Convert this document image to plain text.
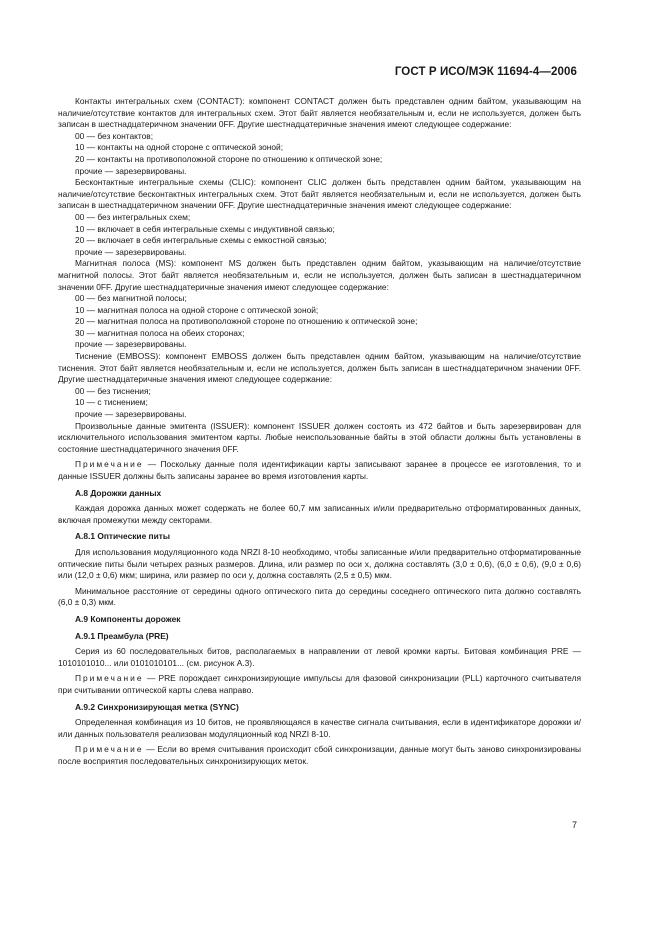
ГОСТ Р ИСО/МЭК 11694-4—2006

Контакты интегральных схем (CONTACT): компонент CONTACT должен быть представлен одним байтом, указывающим на наличие/отсутствие контактов для интегральных схем. Этот байт является необязательным и, если не используется, должен быть записан в шестнадцатеричном значении 0FF. Другие шестнадцатеричные значения имеют следующее содержание:

00 — без контактов;

10 — контакты на одной стороне с оптической зоной;

20 — контакты на противоположной стороне по отношению к оптической зоне;

прочие — зарезервированы.

Бесконтактные интегральные схемы (CLIC): компонент CLIC должен быть представлен одним байтом, указывающим на наличие/отсутствие бесконтактных интегральных схем. Этот байт является необязательным и, если не используется, должен быть записан в шестнадцатеричном значении 0FF. Другие шестнадцатеричные значения имеют следующее содержание:

00 — без интегральных схем;

10 — включает в себя интегральные схемы с индуктивной связью;

20 — включает в себя интегральные схемы с емкостной связью;

прочие — зарезервированы.

Магнитная полоса (MS): компонент MS должен быть представлен одним байтом, указывающим на наличие/отсутствие магнитной полосы. Этот байт является необязательным и, если не используется, должен быть записан в шестнадцатеричном значении 0FF. Другие шестнадцатеричные значения имеют следующее содержание:

00 — без магнитной полосы;

10 — магнитная полоса на одной стороне с оптической зоной;

20 — магнитная полоса на противоположной стороне по отношению к оптической зоне;

30 — магнитная полоса на обеих сторонах;

прочие — зарезервированы.

Тиснение (EMBOSS): компонент EMBOSS должен быть представлен одним байтом, указывающим на наличие/отсутствие тиснения. Этот байт является необязательным и, если не используется, должен быть записан в шестнадцатеричном значении 0FF. Другие шестнадцатеричные значения имеют следующее содержание:

00 — без тиснения;

10 — с тиснением;

прочие — зарезервированы.

Произвольные данные эмитента (ISSUER): компонент ISSUER должен состоять из 472 байтов и быть зарезервирован для исключительного использования эмитентом карты. Любые неиспользованные байты в этой области должны быть установлены в состояние шестнадцатеричного значения 0FF.

Примечание — Поскольку данные поля идентификации карты записывают заранее в процессе ее изготовления, то и данные ISSUER должны быть записаны заранее во время изготовления карты.

А.8 Дорожки данных

Каждая дорожка данных может содержать не более 60,7 мм записанных и/или предварительно отформатированных данных, включая промежутки между секторами.

А.8.1 Оптические питы

Для использования модуляционного кода NRZI 8-10 необходимо, чтобы записанные и/или предварительно отформатированные оптические питы были четырех разных размеров. Длина, или размер по оси x, должна составлять (3,0 ± 0,6), (6,0 ± 0,6), (9,0 ± 0,6) или (12,0 ± 0,6) мкм; ширина, или размер по оси y, должна составлять (2,5 ± 0,5) мкм.

Минимальное расстояние от середины одного оптического пита до середины соседнего оптического пита должно составлять (6,0 ± 0,3) мкм.

А.9 Компоненты дорожек

А.9.1 Преамбула (PRE)

Серия из 60 последовательных битов, располагаемых в направлении от левой кромки карты. Битовая комбинация PRE — 1010101010... или 0101010101... (см. рисунок А.3).

Примечание — PRE порождает синхронизирующие импульсы для фазовой синхронизации (PLL) карточного считывателя при считывании оптической карты слева направо.

А.9.2 Синхронизирующая метка (SYNC)

Определенная комбинация из 10 битов, не проявляющаяся в качестве сигнала считывания, если в идентификаторе дорожки и/или данных пользователя реализован модуляционный код NRZI 8-10.

Примечание — Если во время считывания происходит сбой синхронизации, данные могут быть заново синхронизированы после восприятия последовательных синхронизирующих меток.

7
